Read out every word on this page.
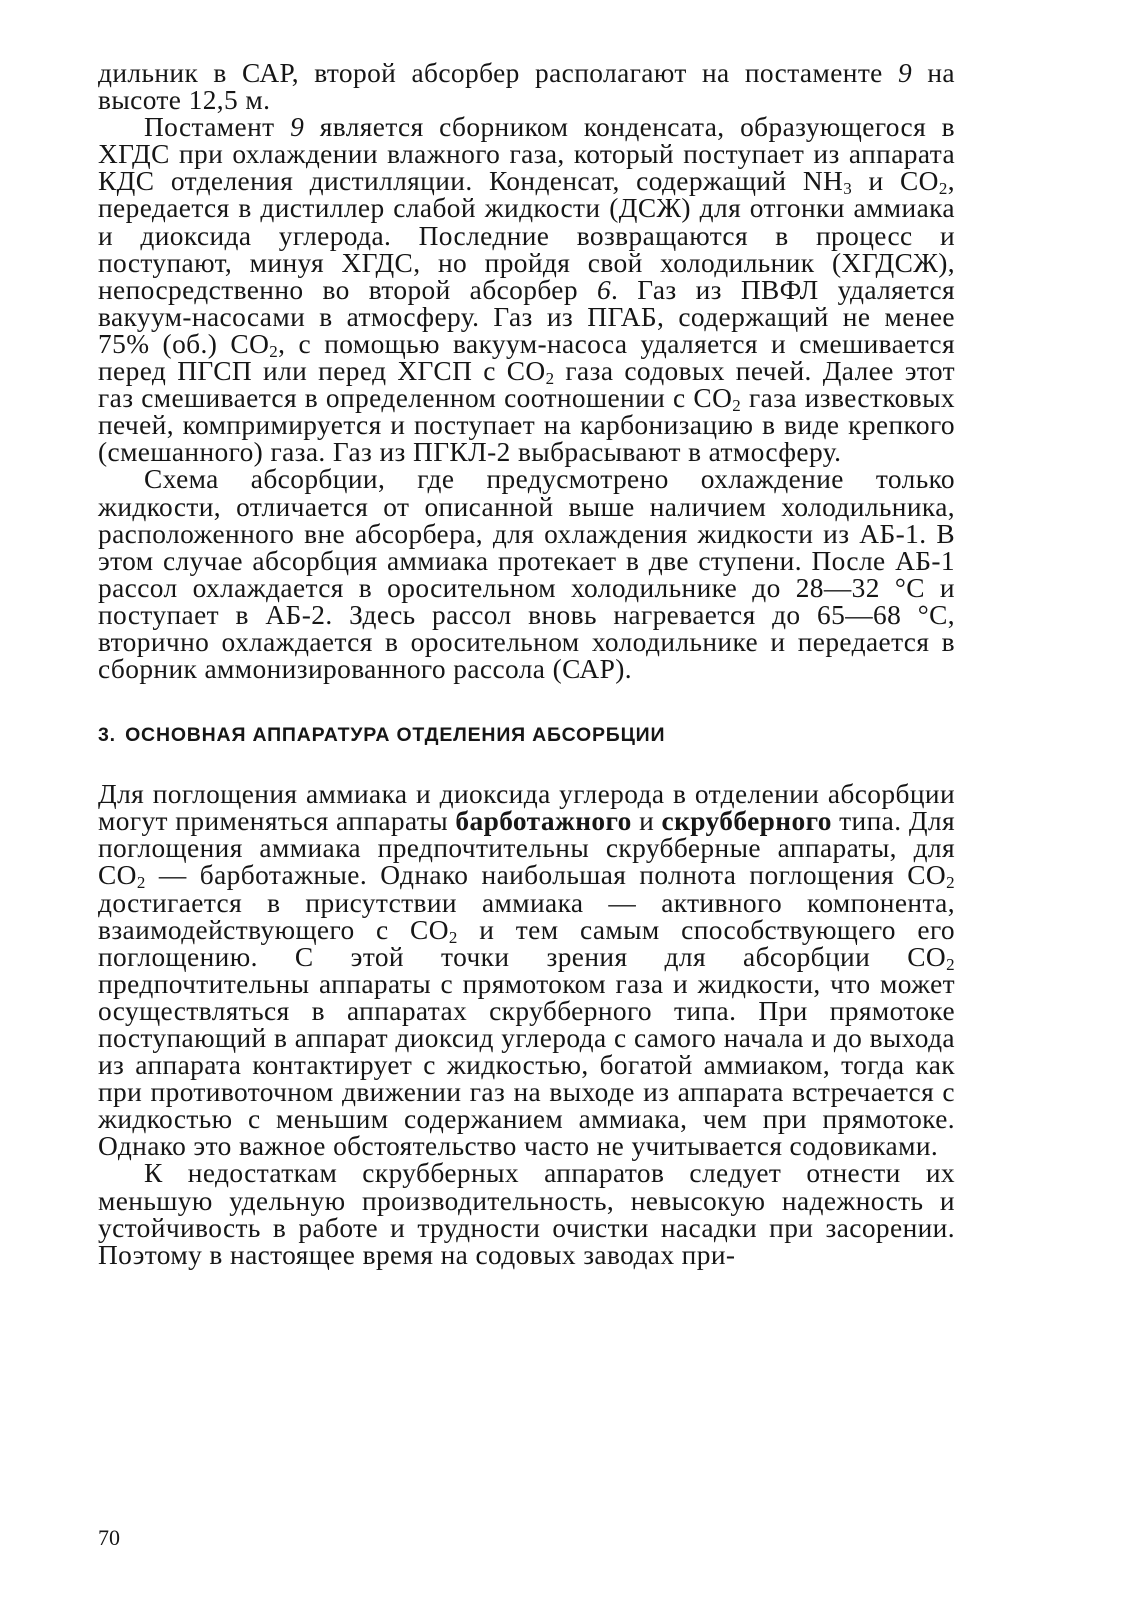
дильник в САР, второй абсорбер располагают на постаменте 9 на высоте 12,5 м.

Постамент 9 является сборником конденсата, образующегося в ХГДС при охлаждении влажного газа, который поступает из аппарата КДС отделения дистилляции. Конденсат, содержащий $NH_3$ и $CO_2$, передается в дистиллер слабой жидкости (ДСЖ) для отгонки аммиака и диоксида углерода. Последние возвращаются в процесс и поступают, минуя ХГДС, но пройдя свой холодильник (ХГДСЖ), непосредственно во второй абсорбер 6. Газ из ПВФЛ удаляется вакуум-насосами в атмосферу. Газ из ПГАБ, содержащий не менее 75% (об.) $CO_2$, с помощью вакуум-насоса удаляется и смешивается перед ПГСП или перед ХГСП с $CO_2$ газа содовых печей. Далее этот газ смешивается в определенном соотношении с $CO_2$ газа известковых печей, компримируется и поступает на карбонизацию в виде крепкого (смешанного) газа. Газ из ПГКЛ-2 выбрасывают в атмосферу.

Схема абсорбции, где предусмотрено охлаждение только жидкости, отличается от описанной выше наличием холодильника, расположенного вне абсорбера, для охлаждения жидкости из АБ-1. В этом случае абсорбция аммиака протекает в две ступени. После АБ-1 рассол охлаждается в оросительном холодильнике до 28—32 °С и поступает в АБ-2. Здесь рассол вновь нагревается до 65—68 °С, вторично охлаждается в оросительном холодильнике и передается в сборник аммонизированного рассола (САР).

3. ОСНОВНАЯ АППАРАТУРА ОТДЕЛЕНИЯ АБСОРБЦИИ

Для поглощения аммиака и диоксида углерода в отделении абсорбции могут применяться аппараты барботажного и скрубберного типа. Для поглощения аммиака предпочтительны скрубберные аппараты, для $CO_2$ — барботажные. Однако наибольшая полнота поглощения $CO_2$ достигается в присутствии аммиака — активного компонента, взаимодействующего с $CO_2$ и тем самым способствующего его поглощению. С этой точки зрения для абсорбции $CO_2$ предпочтительны аппараты с прямотоком газа и жидкости, что может осуществляться в аппаратах скрубберного типа. При прямотоке поступающий в аппарат диоксид углерода с самого начала и до выхода из аппарата контактирует с жидкостью, богатой аммиаком, тогда как при противоточном движении газ на выходе из аппарата встречается с жидкостью с меньшим содержанием аммиака, чем при прямотоке. Однако это важное обстоятельство часто не учитывается содовиками.

К недостаткам скрубберных аппаратов следует отнести их меньшую удельную производительность, невысокую надежность и устойчивость в работе и трудности очистки насадки при засорении. Поэтому в настоящее время на содовых заводах при-

70
